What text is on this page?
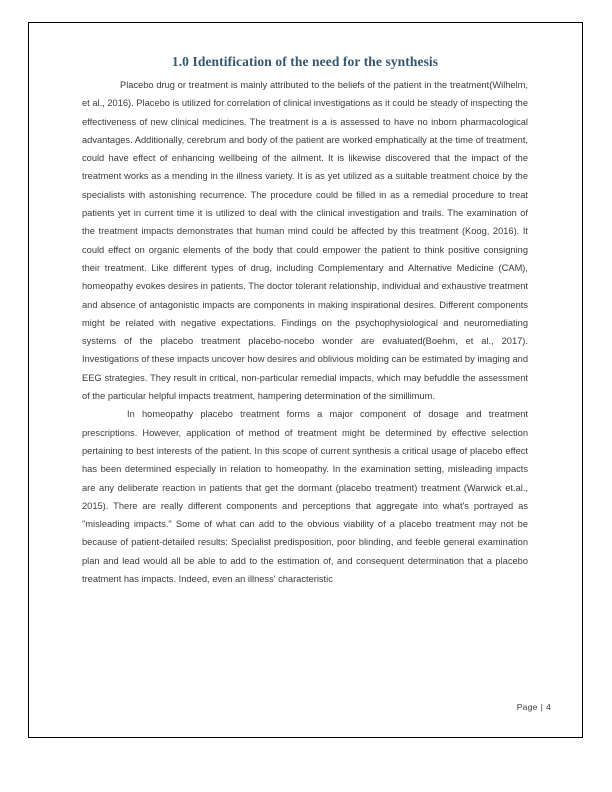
1.0 Identification of the need for the synthesis

Placebo drug or treatment is mainly attributed to the beliefs of the patient in the treatment(Wilhelm, et al., 2016). Placebo is utilized for correlation of clinical investigations as it could be steady of inspecting the effectiveness of new clinical medicines. The treatment is a is assessed to have no inborn pharmacological advantages. Additionally, cerebrum and body of the patient are worked emphatically at the time of treatment, could have effect of enhancing wellbeing of the ailment. It is likewise discovered that the impact of the treatment works as a mending in the illness variety. It is as yet utilized as a suitable treatment choice by the specialists with astonishing recurrence. The procedure could be filled in as a remedial procedure to treat patients yet in current time it is utilized to deal with the clinical investigation and trails. The examination of the treatment impacts demonstrates that human mind could be affected by this treatment (Koog, 2016). It could effect on organic elements of the body that could empower the patient to think positive consigning their treatment. Like different types of drug, including Complementary and Alternative Medicine (CAM), homeopathy evokes desires in patients. The doctor tolerant relationship, individual and exhaustive treatment and absence of antagonistic impacts are components in making inspirational desires. Different components might be related with negative expectations. Findings on the psychophysiological and neuromediating systems of the placebo treatment placebo-nocebo wonder are evaluated(Boehm, et al., 2017). Investigations of these impacts uncover how desires and oblivious molding can be estimated by imaging and EEG strategies. They result in critical, non-particular remedial impacts, which may befuddle the assessment of the particular helpful impacts treatment, hampering determination of the simillimum.

In homeopathy placebo treatment forms a major component of dosage and treatment prescriptions. However, application of method of treatment might be determined by effective selection pertaining to best interests of the patient. In this scope of current synthesis a critical usage of placebo effect has been determined especially in relation to homeopathy. In the examination setting, misleading impacts are any deliberate reaction in patients that get the dormant (placebo treatment) treatment (Warwick et.al., 2015). There are really different components and perceptions that aggregate into what's portrayed as "misleading impacts." Some of what can add to the obvious viability of a placebo treatment may not be because of patient-detailed results: Specialist predisposition, poor blinding, and feeble general examination plan and lead would all be able to add to the estimation of, and consequent determination that a placebo treatment has impacts. Indeed, even an illness' characteristic

Page | 4
